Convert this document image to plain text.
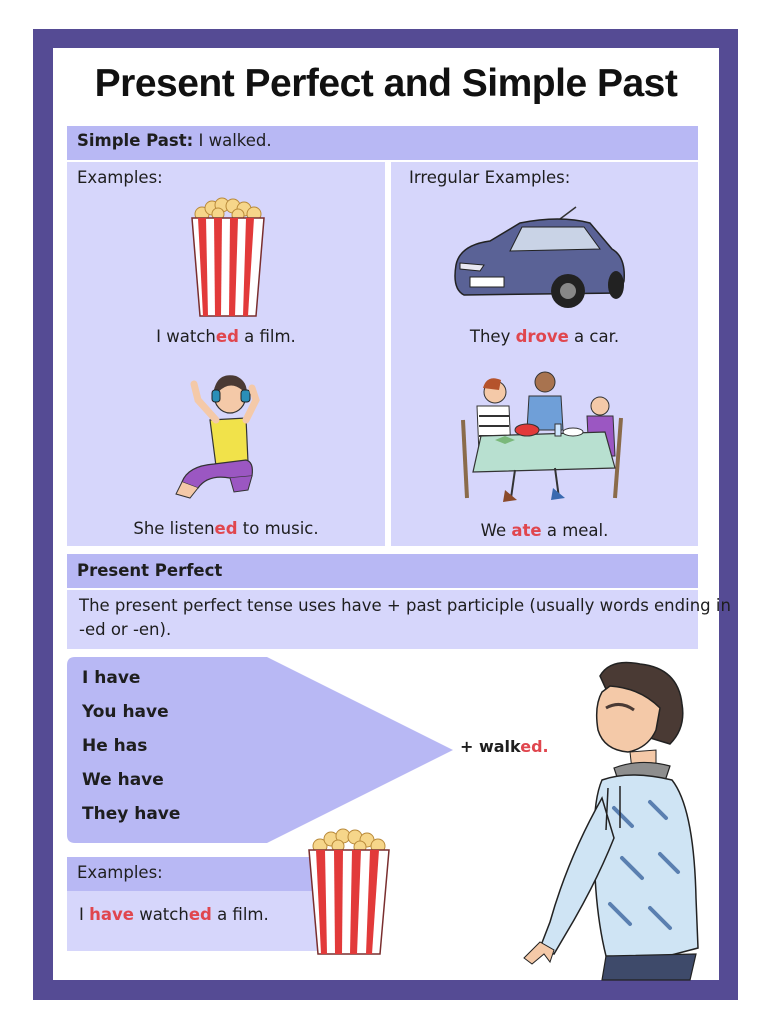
Present Perfect and Simple Past
Simple Past: I walked.
Examples:	Irregular Examples:
I watched a film.
She listened to music.
They drove a car.
We ate a meal.
Present Perfect
The present perfect tense uses have + past participle (usually words ending in
-ed or -en).
I have
You have
He has
We have
They have
+ walked.
Examples:
I have watched a film.
